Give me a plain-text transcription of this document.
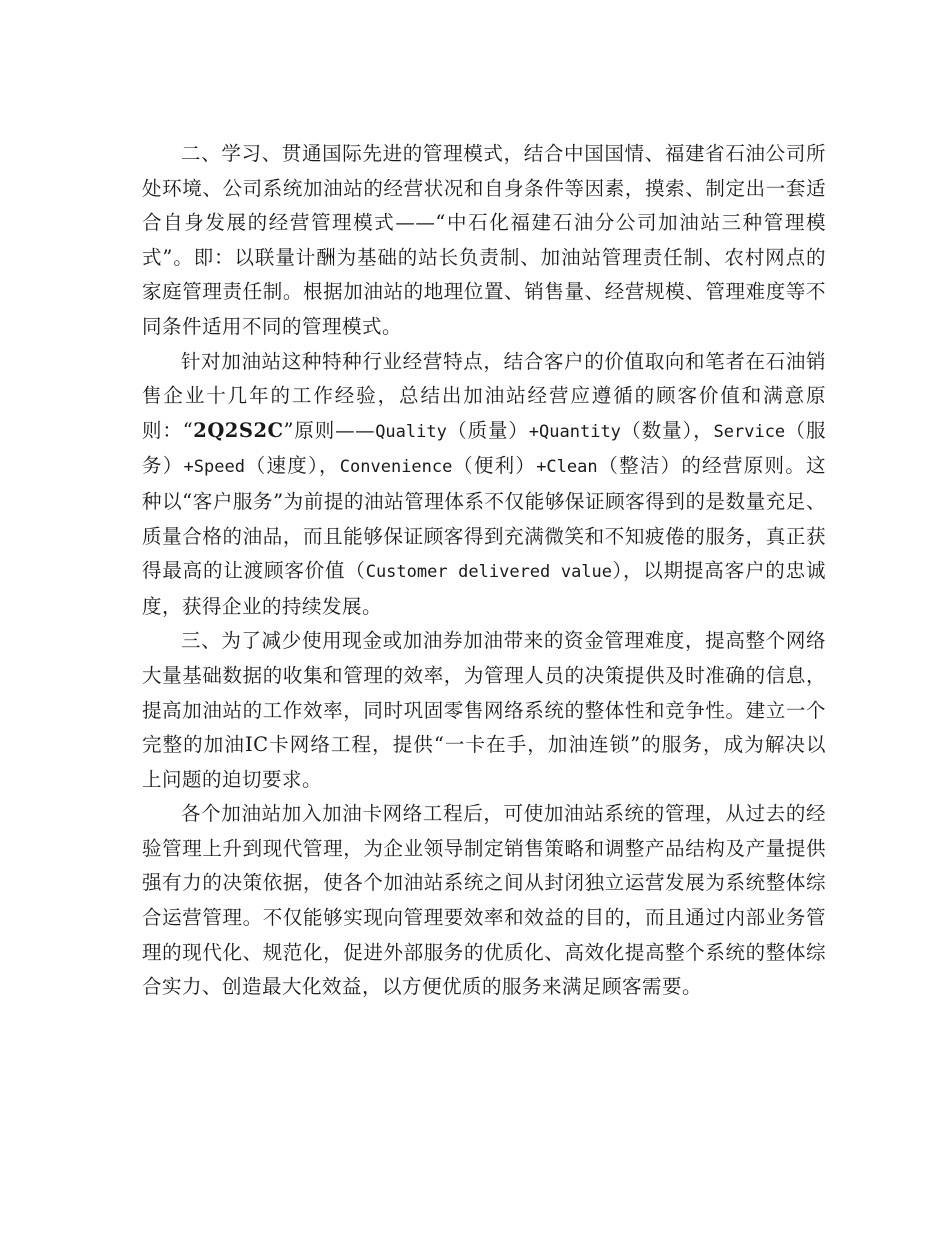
二、学习、贯通国际先进的管理模式，结合中国国情、福建省石油公司所处环境、公司系统加油站的经营状况和自身条件等因素，摸索、制定出一套适合自身发展的经营管理模式——“中石化福建石油分公司加油站三种管理模式”。即：以联量计酬为基础的站长负责制、加油站管理责任制、农村网点的家庭管理责任制。根据加油站的地理位置、销售量、经营规模、管理难度等不同条件适用不同的管理模式。

针对加油站这种特种行业经营特点，结合客户的价值取向和笔者在石油销售企业十几年的工作经验，总结出加油站经营应遵循的顾客价值和满意原则：“2Q2S2C”原则——Quality（质量）+Quantity（数量），Service（服务）+Speed（速度），Convenience（便利）+Clean（整洁）的经营原则。这种以“客户服务”为前提的油站管理体系不仅能够保证顾客得到的是数量充足、质量合格的油品，而且能够保证顾客得到充满微笑和不知疲倦的服务，真正获得最高的让渡顾客价值（Customer delivered value），以期提高客户的忠诚度，获得企业的持续发展。

三、为了减少使用现金或加油券加油带来的资金管理难度，提高整个网络大量基础数据的收集和管理的效率，为管理人员的决策提供及时准确的信息，提高加油站的工作效率，同时巩固零售网络系统的整体性和竞争性。建立一个完整的加油IC卡网络工程，提供“一卡在手，加油连锁”的服务，成为解决以上问题的迫切要求。

各个加油站加入加油卡网络工程后，可使加油站系统的管理，从过去的经验管理上升到现代管理，为企业领导制定销售策略和调整产品结构及产量提供强有力的决策依据，使各个加油站系统之间从封闭独立运营发展为系统整体综合运营管理。不仅能够实现向管理要效率和效益的目的，而且通过内部业务管理的现代化、规范化，促进外部服务的优质化、高效化提高整个系统的整体综合实力、创造最大化效益，以方便优质的服务来满足顾客需要。
